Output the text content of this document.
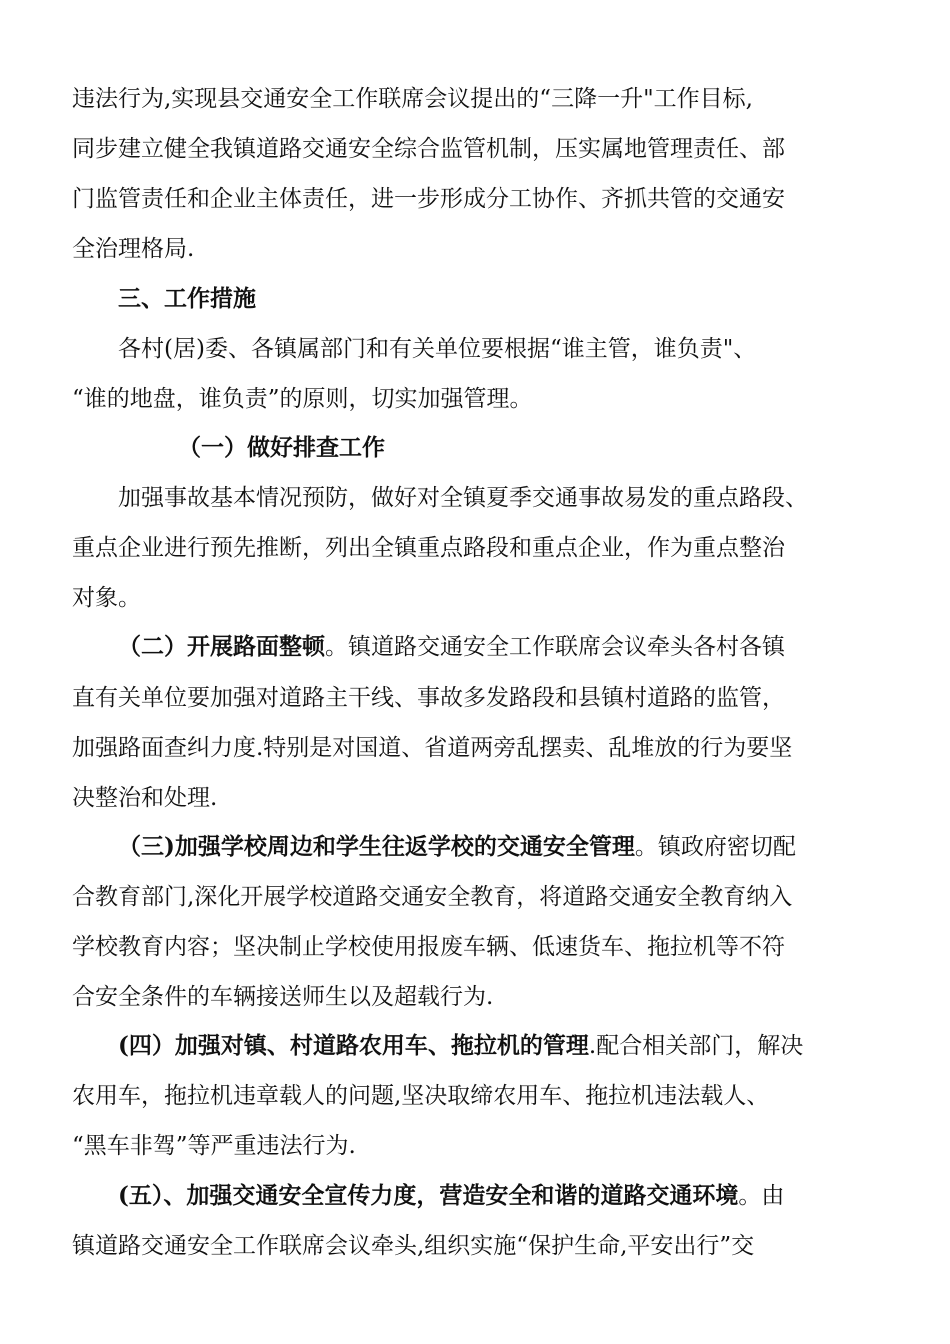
违法行为,实现县交通安全工作联席会议提出的“三降一升"工作目标,
同步建立健全我镇道路交通安全综合监管机制，压实属地管理责任、部
门监管责任和企业主体责任，进一步形成分工协作、齐抓共管的交通安
全治理格局.
三、工作措施
各村(居)委、各镇属部门和有关单位要根据“谁主管，谁负责"、
“谁的地盘，谁负责”的原则，切实加强管理。
（一）做好排查工作
加强事故基本情况预防，做好对全镇夏季交通事故易发的重点路段、
重点企业进行预先推断，列出全镇重点路段和重点企业，作为重点整治
对象。
（二）开展路面整顿。镇道路交通安全工作联席会议牵头各村各镇
直有关单位要加强对道路主干线、事故多发路段和县镇村道路的监管，
加强路面查纠力度.特别是对国道、省道两旁乱摆卖、乱堆放的行为要坚
决整治和处理.
（三)加强学校周边和学生往返学校的交通安全管理。镇政府密切配
合教育部门,深化开展学校道路交通安全教育，将道路交通安全教育纳入
学校教育内容；坚决制止学校使用报废车辆、低速货车、拖拉机等不符
合安全条件的车辆接送师生以及超载行为.
(四）加强对镇、村道路农用车、拖拉机的管理.配合相关部门，解决
农用车，拖拉机违章载人的问题,坚决取缔农用车、拖拉机违法载人、
“黑车非驾”等严重违法行为.
(五）、加强交通安全宣传力度，营造安全和谐的道路交通环境。由
镇道路交通安全工作联席会议牵头,组织实施“保护生命,平安出行”交
